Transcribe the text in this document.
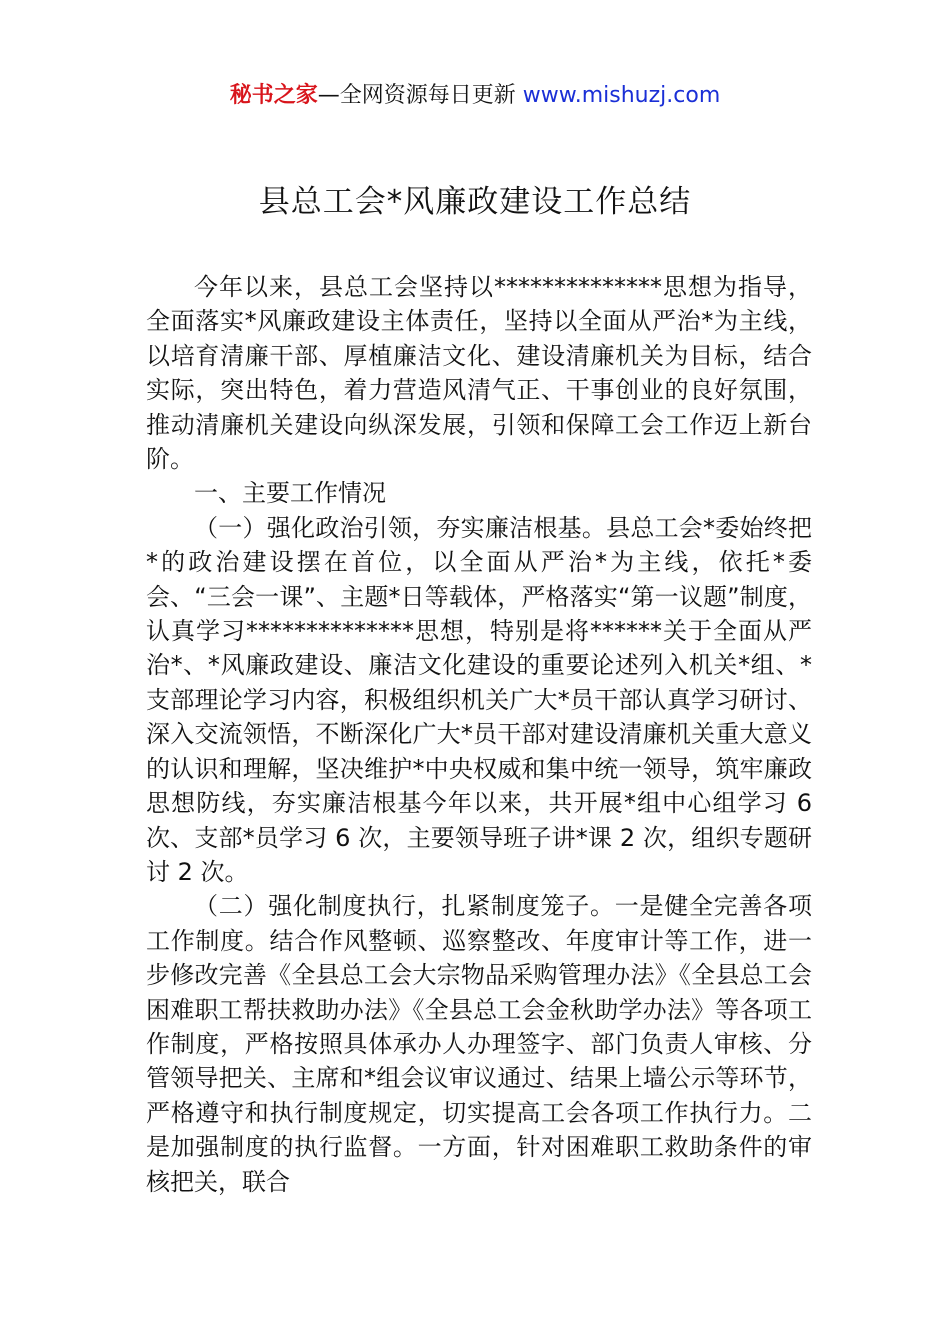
秘书之家—全网资源每日更新 www.mishuzj.com
县总工会*风廉政建设工作总结

今年以来，县总工会坚持以**************思想为指导，全面落实*风廉政建设主体责任，坚持以全面从严治*为主线，以培育清廉干部、厚植廉洁文化、建设清廉机关为目标，结合实际，突出特色，着力营造风清气正、干事创业的良好氛围，推动清廉机关建设向纵深发展，引领和保障工会工作迈上新台阶。

一、主要工作情况

（一）强化政治引领，夯实廉洁根基。县总工会*委始终把*的政治建设摆在首位，以全面从严治*为主线，依托*委会、“三会一课”、主题*日等载体，严格落实“第一议题”制度，认真学习**************思想，特别是将******关于全面从严治*、*风廉政建设、廉洁文化建设的重要论述列入机关*组、*支部理论学习内容，积极组织机关广大*员干部认真学习研讨、深入交流领悟，不断深化广大*员干部对建设清廉机关重大意义的认识和理解，坚决维护*中央权威和集中统一领导，筑牢廉政思想防线，夯实廉洁根基今年以来，共开展*组中心组学习 6 次、支部*员学习 6 次，主要领导班子讲*课 2 次，组织专题研讨 2 次。

（二）强化制度执行，扎紧制度笼子。一是健全完善各项工作制度。结合作风整顿、巡察整改、年度审计等工作，进一步修改完善《全县总工会大宗物品采购管理办法》《全县总工会困难职工帮扶救助办法》《全县总工会金秋助学办法》等各项工作制度，严格按照具体承办人办理签字、部门负责人审核、分管领导把关、主席和*组会议审议通过、结果上墙公示等环节，严格遵守和执行制度规定，切实提高工会各项工作执行力。二是加强制度的执行监督。一方面，针对困难职工救助条件的审核把关，联合
